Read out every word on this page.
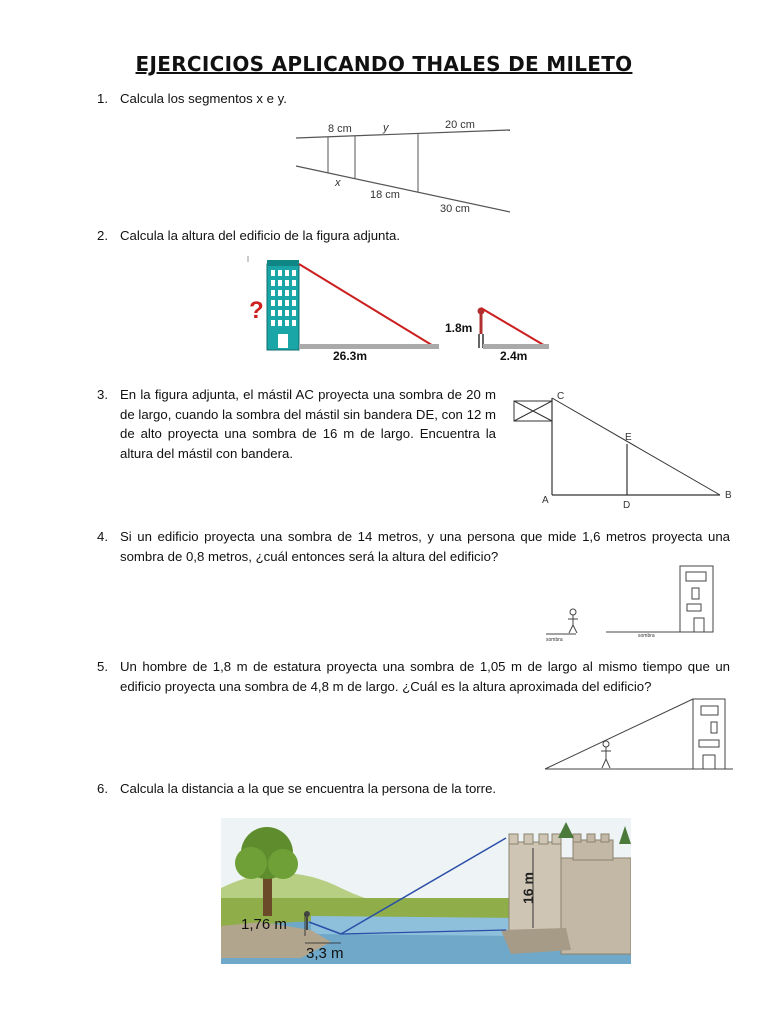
EJERCICIOS APLICANDO THALES DE MILETO
1. Calcula los segmentos x e y.
8 cm	y	20 cm
x
18 cm
30 cm
2. Calcula la altura del edificio de la figura adjunta.
?
26.3m
1.8m
2.4m
3. En la figura adjunta, el mástil AC proyecta una sombra de 20 m de largo, cuando la sombra del mástil sin bandera DE, con 12 m de alto proyecta una sombra de 16 m de largo. Encuentra la altura del mástil con bandera.
C
E
A	D
B
4. Si un edificio proyecta una sombra de 14 metros, y una persona que mide 1,6 metros proyecta una sombra de 0,8 metros, ¿cuál entonces será la altura del edificio?
sombra
sombra
5. Un hombre de 1,8 m de estatura proyecta una sombra de 1,05 m de largo al mismo tiempo que un edificio proyecta una sombra de 4,8 m de largo. ¿Cuál es la altura aproximada del edificio?
6. Calcula la distancia a la que se encuentra la persona de la torre.
16 m
1,76 m
3,3 m
